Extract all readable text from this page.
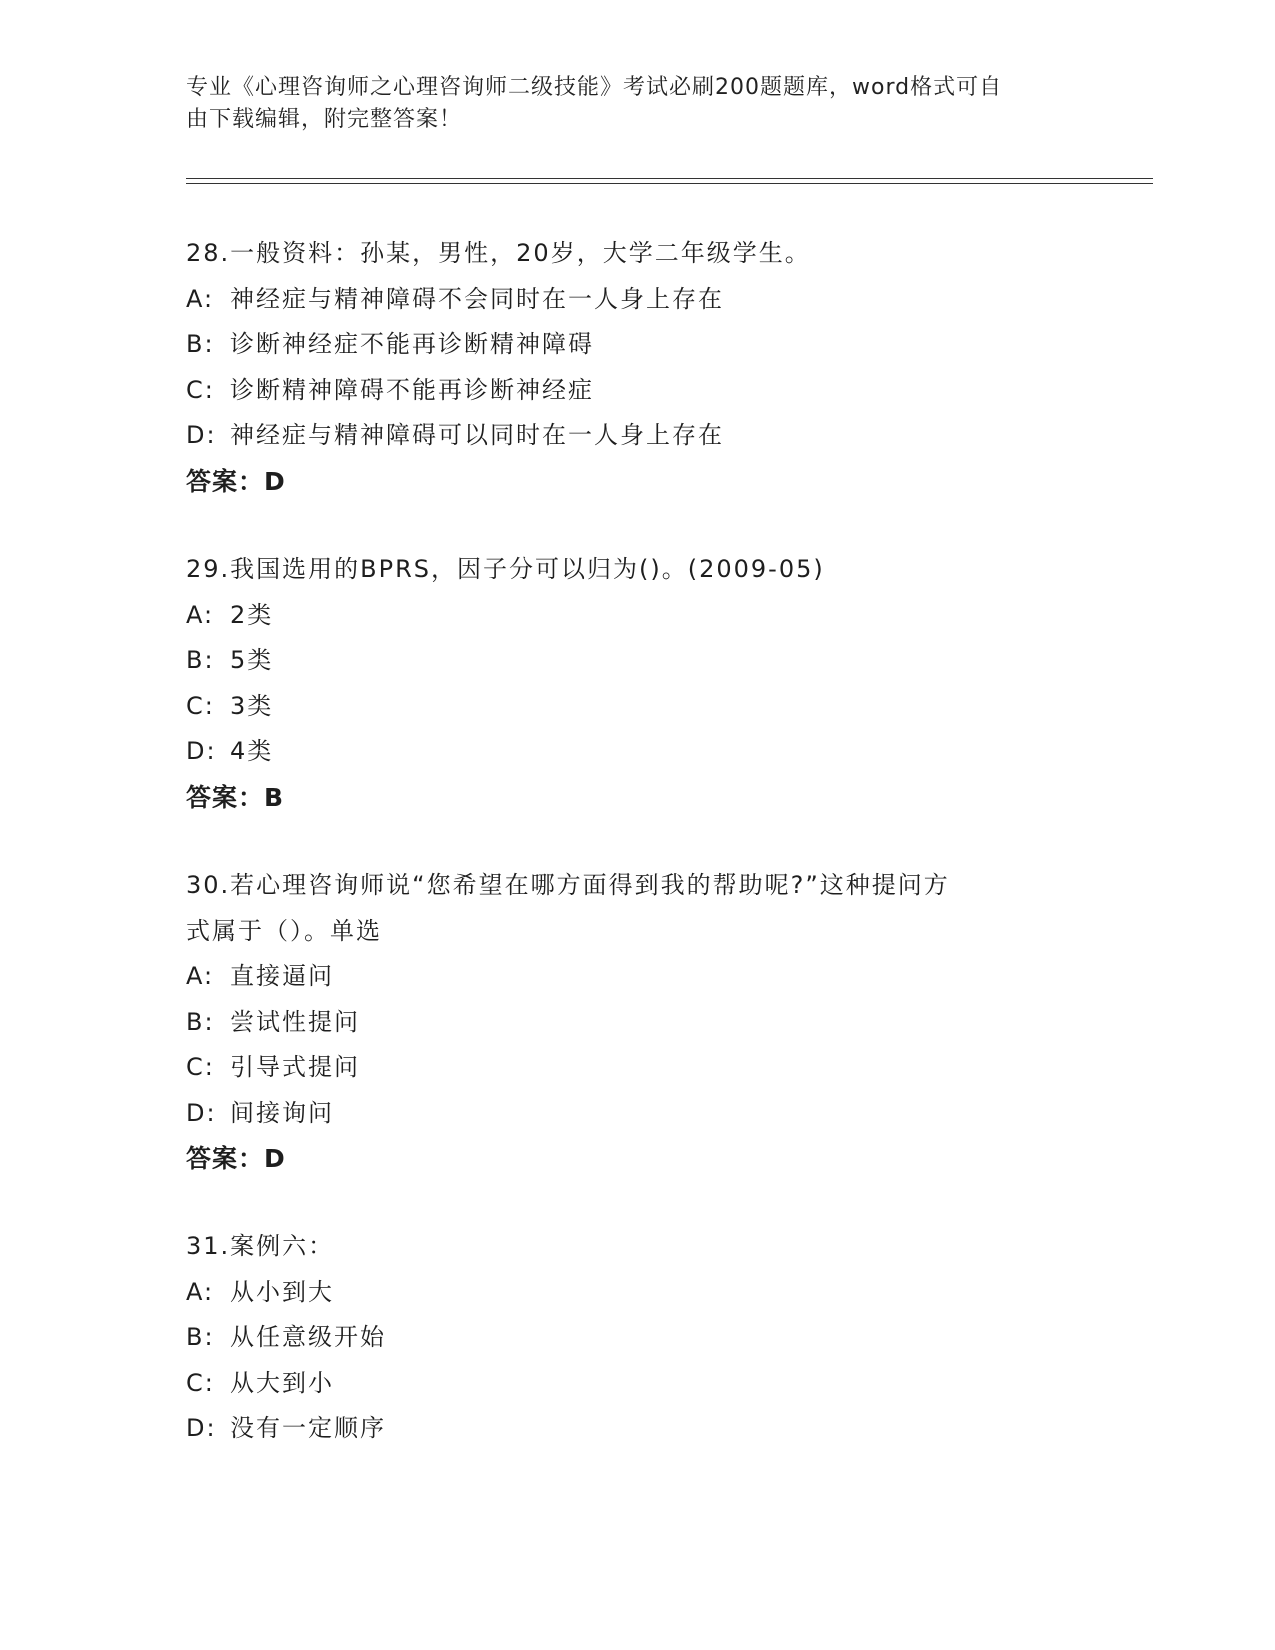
专业《心理咨询师之心理咨询师二级技能》考试必刷200题题库，word格式可自
由下载编辑，附完整答案！
28.一般资料：孙某，男性，20岁，大学二年级学生。
A: 神经症与精神障碍不会同时在一人身上存在
B: 诊断神经症不能再诊断精神障碍
C: 诊断精神障碍不能再诊断神经症
D: 神经症与精神障碍可以同时在一人身上存在
答案：D
29.我国选用的BPRS，因子分可以归为()。(2009-05)
A: 2类
B: 5类
C: 3类
D: 4类
答案：B
30.若心理咨询师说“您希望在哪方面得到我的帮助呢?”这种提问方
式属于（）。单选
A: 直接逼问
B: 尝试性提问
C: 引导式提问
D: 间接询问
答案：D
31.案例六：
A: 从小到大
B: 从任意级开始
C: 从大到小
D: 没有一定顺序
